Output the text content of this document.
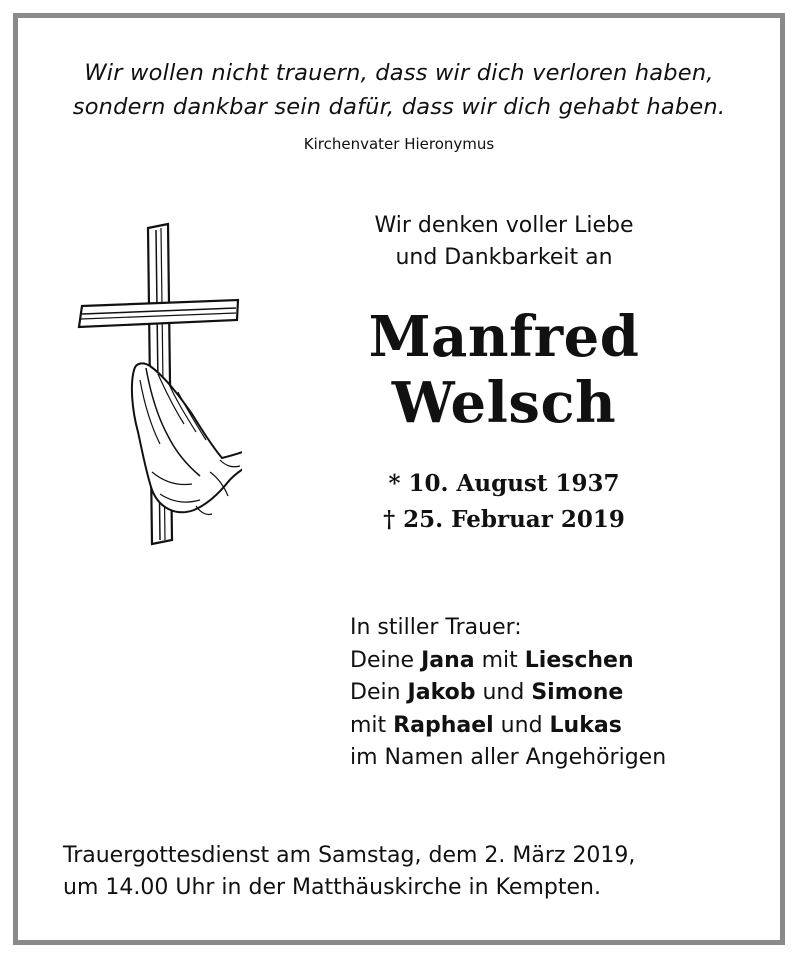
Wir wollen nicht trauern, dass wir dich verloren haben,
sondern dankbar sein dafür, dass wir dich gehabt haben.
Kirchenvater Hieronymus
Wir denken voller Liebe
und Dankbarkeit an
Manfred
Welsch
* 10. August 1937
† 25. Februar 2019
In stiller Trauer:
Deine Jana mit Lieschen
Dein Jakob und Simone
mit Raphael und Lukas
im Namen aller Angehörigen
Trauergottesdienst am Samstag, dem 2. März 2019,
um 14.00 Uhr in der Matthäuskirche in Kempten.
